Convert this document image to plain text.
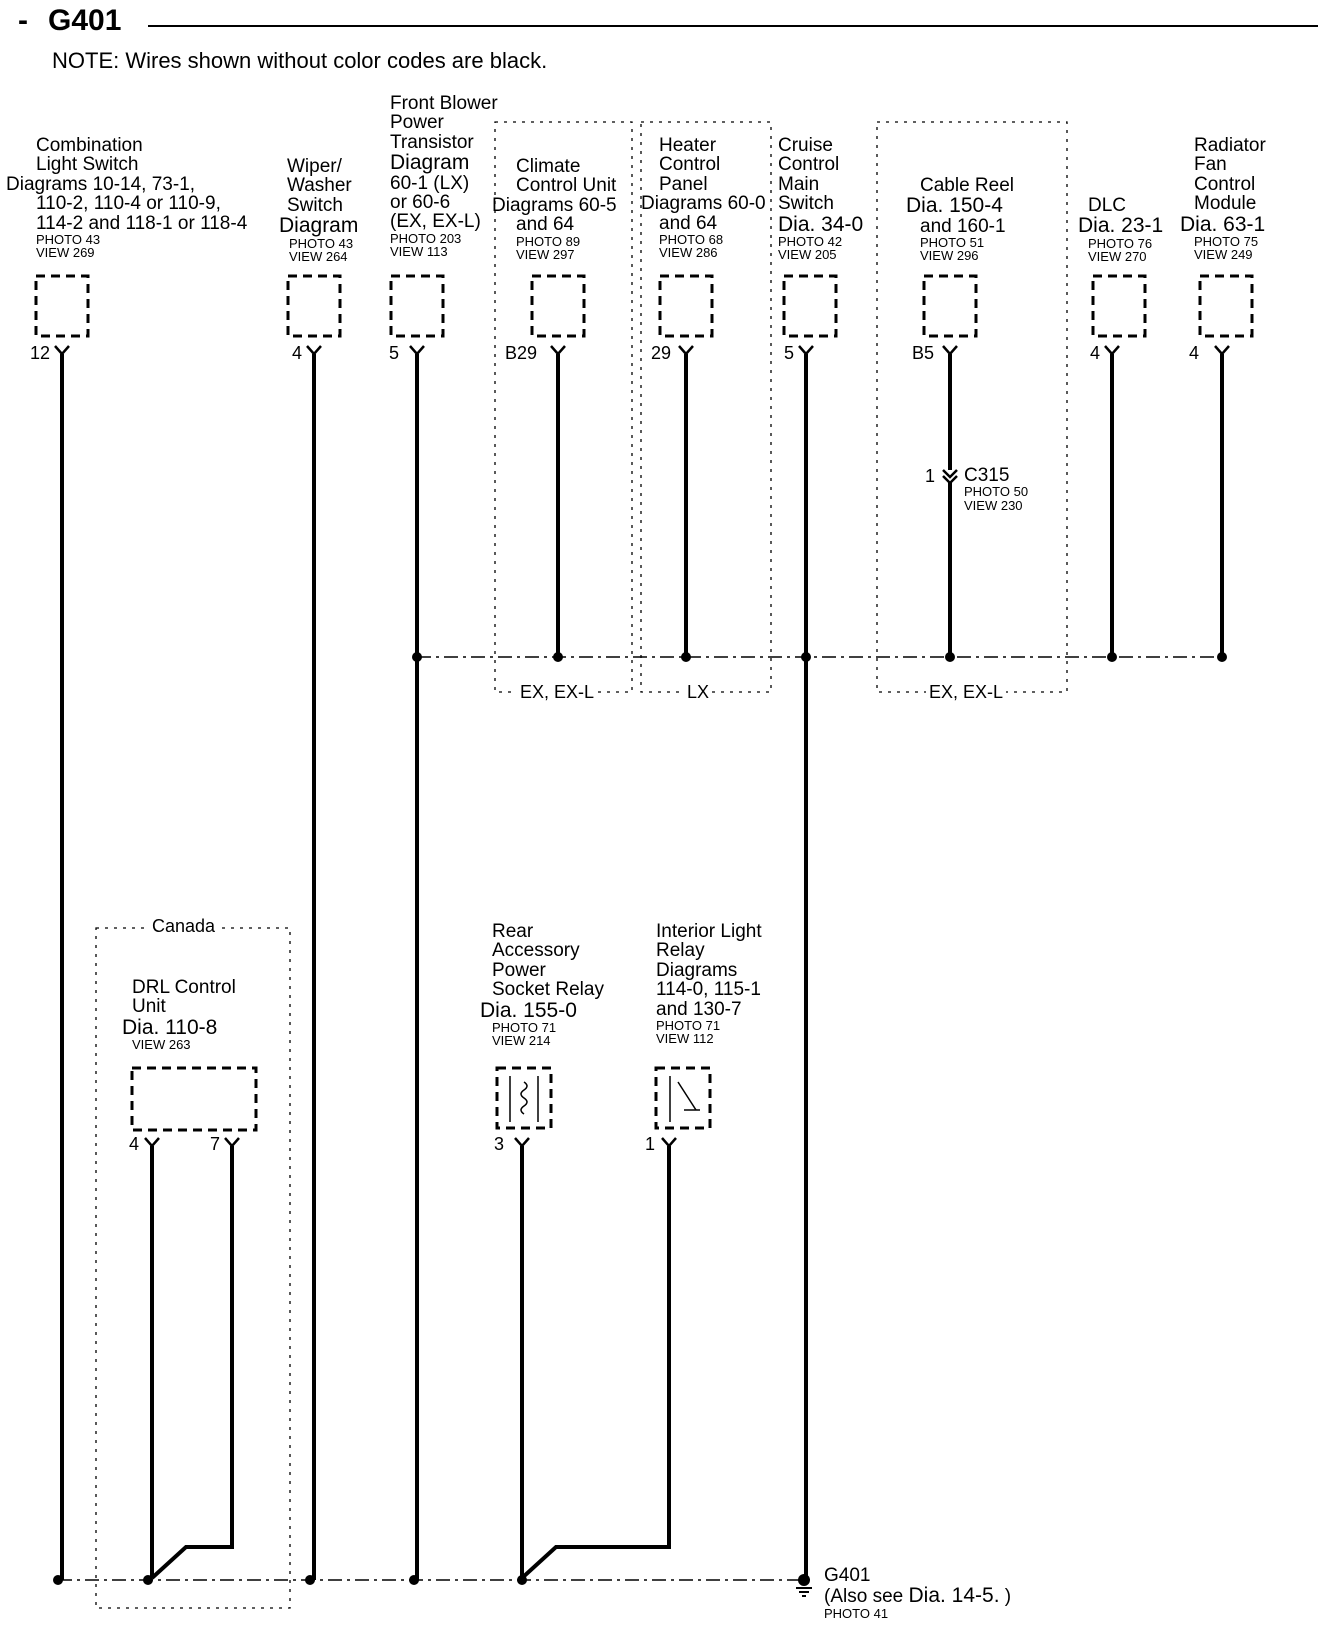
- G401
NOTE: Wires shown without color codes are black.
Combination
Light Switch
Diagrams 10-14, 73-1,
110-2, 110-4 or 110-9,
114-2 and 118-1 or 118-4
PHOTO 43
VIEW 269
Wiper/
Washer
Switch
Diagram
PHOTO 43
VIEW 264
Front Blower
Power
Transistor
Diagram
60-1 (LX)
or 60-6
(EX, EX-L)
PHOTO 203
VIEW 113
Climate
Control Unit
Diagrams 60-5
and 64
PHOTO 89
VIEW 297
Heater
Control
Panel
Diagrams 60-0
and 64
PHOTO 68
VIEW 286
Cruise
Control
Main
Switch
Dia. 34-0
PHOTO 42
VIEW 205
Cable Reel
Dia. 150-4
and 160-1
PHOTO 51
VIEW 296
DLC
Dia. 23-1
PHOTO 76
VIEW 270
Radiator
Fan
Control
Module
Dia. 63-1
PHOTO 75
VIEW 249
12	4	5	B29	29	5	B5	4	4
1 C315
PHOTO 50
VIEW 230
EX, EX-L	LX	EX, EX-L
Canada
DRL Control
Unit
Dia. 110-8
VIEW 263
Rear
Accessory
Power
Socket Relay
Dia. 155-0
PHOTO 71
VIEW 214
Interior Light
Relay
Diagrams
114-0, 115-1
and 130-7
PHOTO 71
VIEW 112
4	7	3	1
G401
(Also see Dia. 14-5. )
PHOTO 41
